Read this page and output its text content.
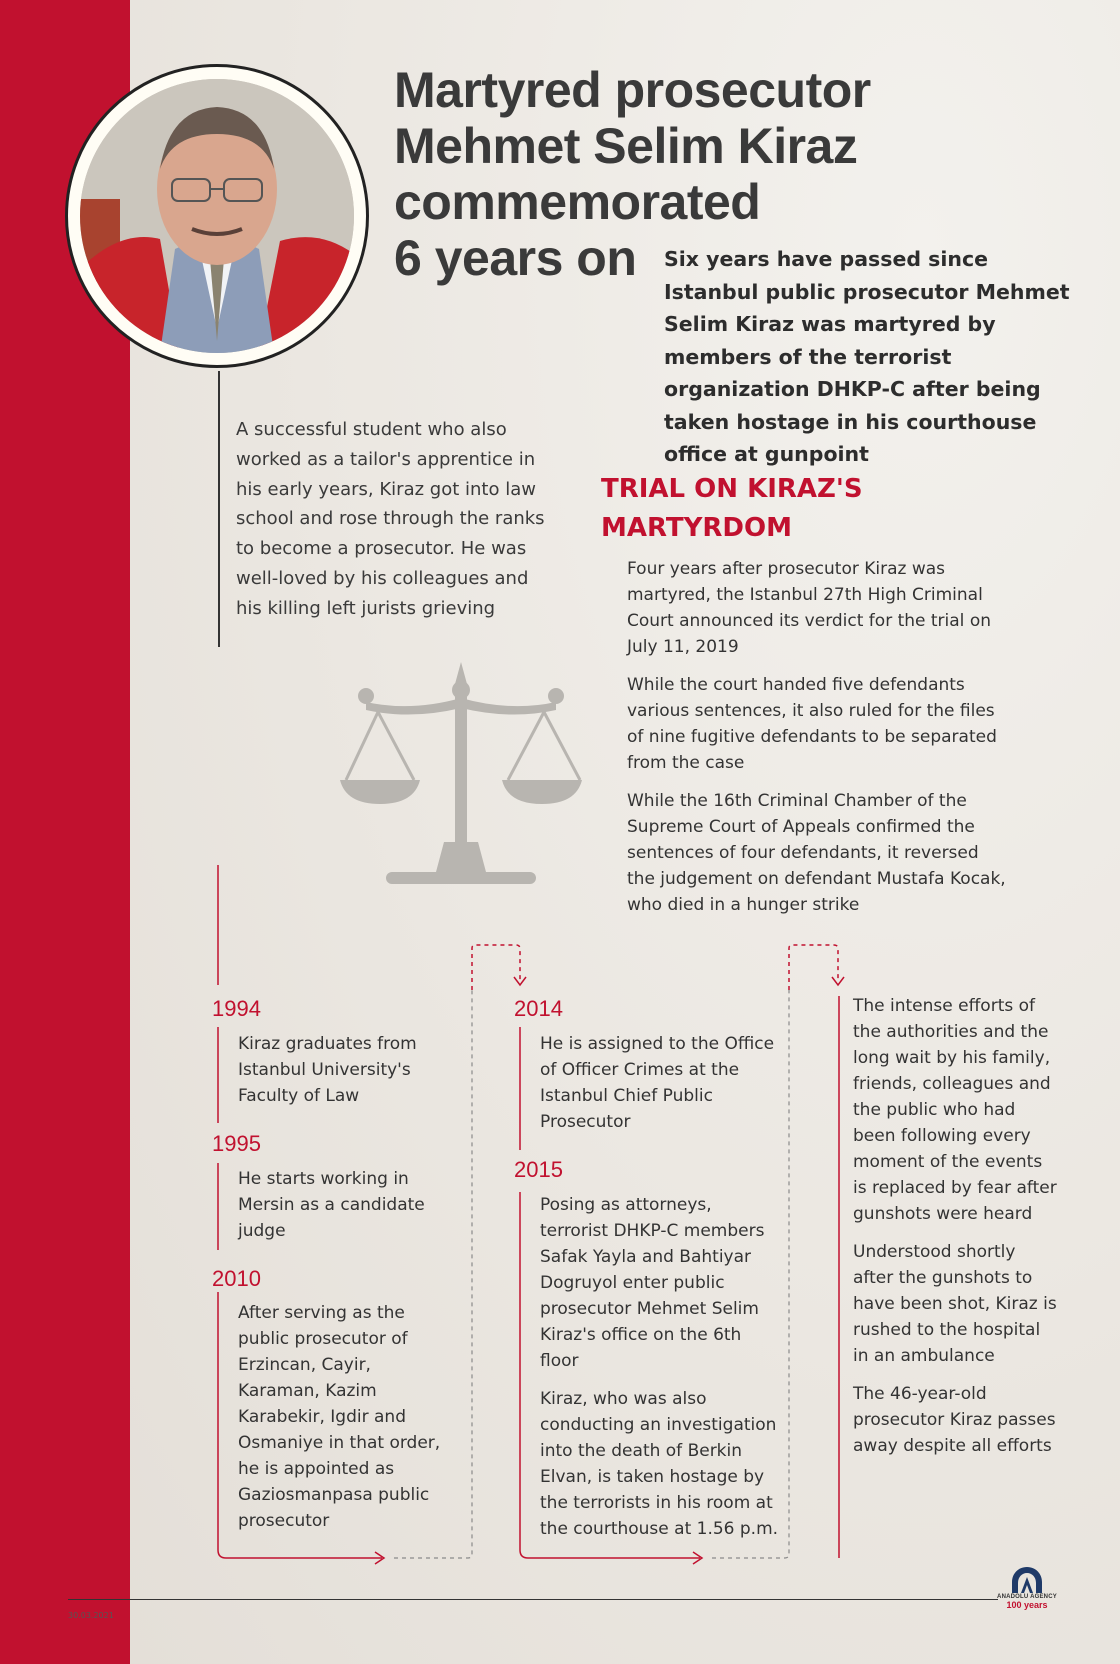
Martyred prosecutor
Mehmet Selim Kiraz
commemorated
6 years on	Six years have passed since Istanbul public prosecutor Mehmet Selim Kiraz was martyred by members of the terrorist organization DHKP-C after being taken hostage in his courthouse office at gunpoint
A successful student who also worked as a tailor's apprentice in his early years, Kiraz got into law school and rose through the ranks to become a prosecutor. He was well-loved by his colleagues and his killing left jurists grieving
TRIAL ON KIRAZ'S MARTYRDOM

Four years after prosecutor Kiraz was martyred, the Istanbul 27th High Criminal Court announced its verdict for the trial on July 11, 2019

While the court handed five defendants various sentences, it also ruled for the files of nine fugitive defendants to be separated from the case

While the 16th Criminal Chamber of the Supreme Court of Appeals confirmed the sentences of four defendants, it reversed the judgement on defendant Mustafa Kocak, who died in a hunger strike

1994
Kiraz graduates from Istanbul University's Faculty of Law
1995
He starts working in Mersin as a candidate judge
2010
After serving as the public prosecutor of Erzincan, Cayir, Karaman, Kazim Karabekir, Igdir and Osmaniye in that order, he is appointed as Gaziosmanpasa public prosecutor
2014
He is assigned to the Office of Officer Crimes at the Istanbul Chief Public Prosecutor
2015

Posing as attorneys, terrorist DHKP-C members Safak Yayla and Bahtiyar Dogruyol enter public prosecutor Mehmet Selim Kiraz's office on the 6th floor

Kiraz, who was also conducting an investigation into the death of Berkin Elvan, is taken hostage by the terrorists in his room at the courthouse at 1.56 p.m.

The intense efforts of the authorities and the long wait by his family, friends, colleagues and the public who had been following every moment of the events is replaced by fear after gunshots were heard

Understood shortly after the gunshots to have been shot, Kiraz is rushed to the hospital in an ambulance

The 46-year-old prosecutor Kiraz passes away despite all efforts

30.03.2021
ANADOLU AGENCY
100 years
